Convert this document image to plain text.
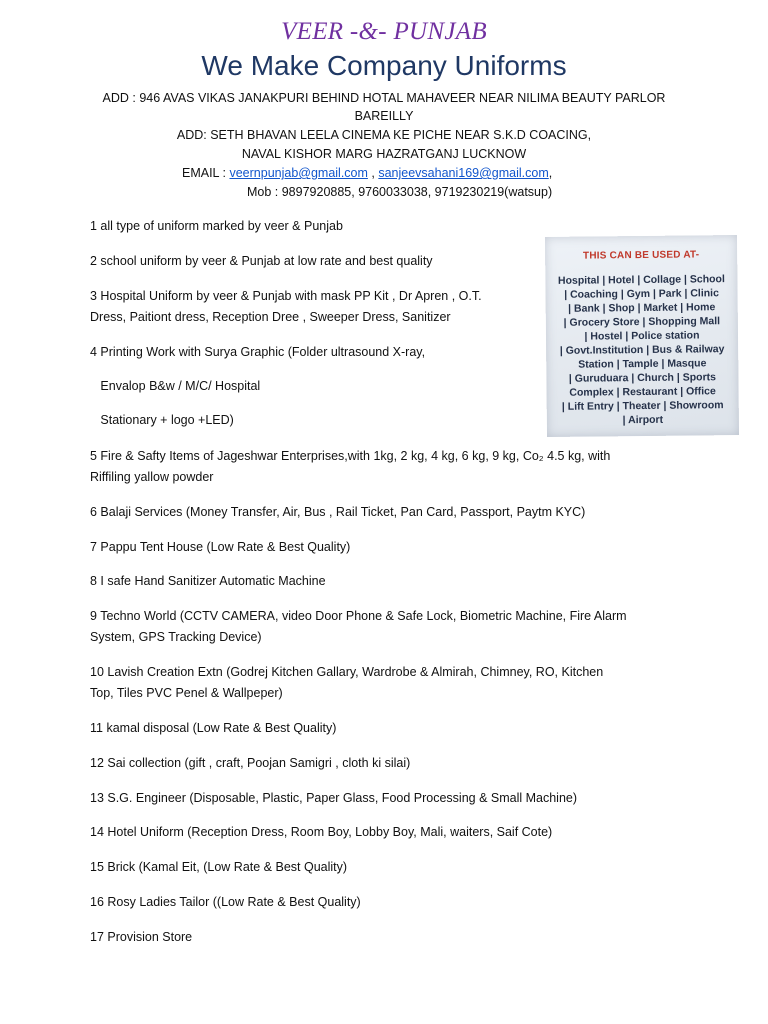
VEER -&- PUNJAB
We Make Company Uniforms
ADD : 946 AVAS VIKAS JANAKPURI BEHIND HOTAL MAHAVEER NEAR NILIMA BEAUTY PARLOR
BAREILLY
ADD: SETH BHAVAN LEELA CINEMA KE PICHE NEAR S.K.D COACING,
NAVAL KISHOR MARG HAZRATGANJ LUCKNOW
EMAIL : veernpunjab@gmail.com , sanjeevsahani169@gmail.com,
Mob : 9897920885, 9760033038, 9719230219(watsup)
1 all type of uniform marked by veer & Punjab
2 school uniform by veer & Punjab at low rate and best quality
3 Hospital Uniform by veer & Punjab with mask PP Kit , Dr Apren , O.T.
Dress, Paitiont dress, Reception Dree , Sweeper Dress, Sanitizer
4 Printing Work with Surya Graphic (Folder ultrasound X-ray,
Envalop B&w / M/C/ Hospital
Stationary + logo +LED)
5 Fire & Safty Items of Jageshwar Enterprises,with 1kg, 2 kg, 4 kg, 6 kg, 9 kg, Co₂ 4.5 kg, with
Riffiling yallow powder
6 Balaji Services (Money Transfer, Air, Bus , Rail Ticket, Pan Card, Passport, Paytm KYC)
7 Pappu Tent House (Low Rate & Best Quality)
8 I safe Hand Sanitizer Automatic Machine
9 Techno World (CCTV CAMERA, video Door Phone & Safe Lock, Biometric Machine, Fire Alarm
System, GPS Tracking Device)
10 Lavish Creation Extn (Godrej Kitchen Gallary, Wardrobe & Almirah, Chimney, RO, Kitchen
Top, Tiles PVC Penel & Wallpeper)
11 kamal disposal (Low Rate & Best Quality)
12 Sai collection (gift , craft, Poojan Samigri , cloth ki silai)
13 S.G. Engineer (Disposable, Plastic, Paper Glass, Food Processing & Small Machine)
14 Hotel Uniform (Reception Dress, Room Boy, Lobby Boy, Mali, waiters, Saif Cote)
15 Brick (Kamal Eit, (Low Rate & Best Quality)
16 Rosy Ladies Tailor ((Low Rate & Best Quality)
17 Provision Store
THIS CAN BE USED AT-
Hospital | Hotel | Collage | School
| Coaching | Gym | Park | Clinic
| Bank | Shop | Market | Home
| Grocery Store | Shopping Mall
| Hostel | Police station
| Govt.Institution | Bus & Railway
Station | Tample | Masque
| Guruduara | Church | Sports
Complex | Restaurant | Office
| Lift Entry | Theater | Showroom
| Airport
